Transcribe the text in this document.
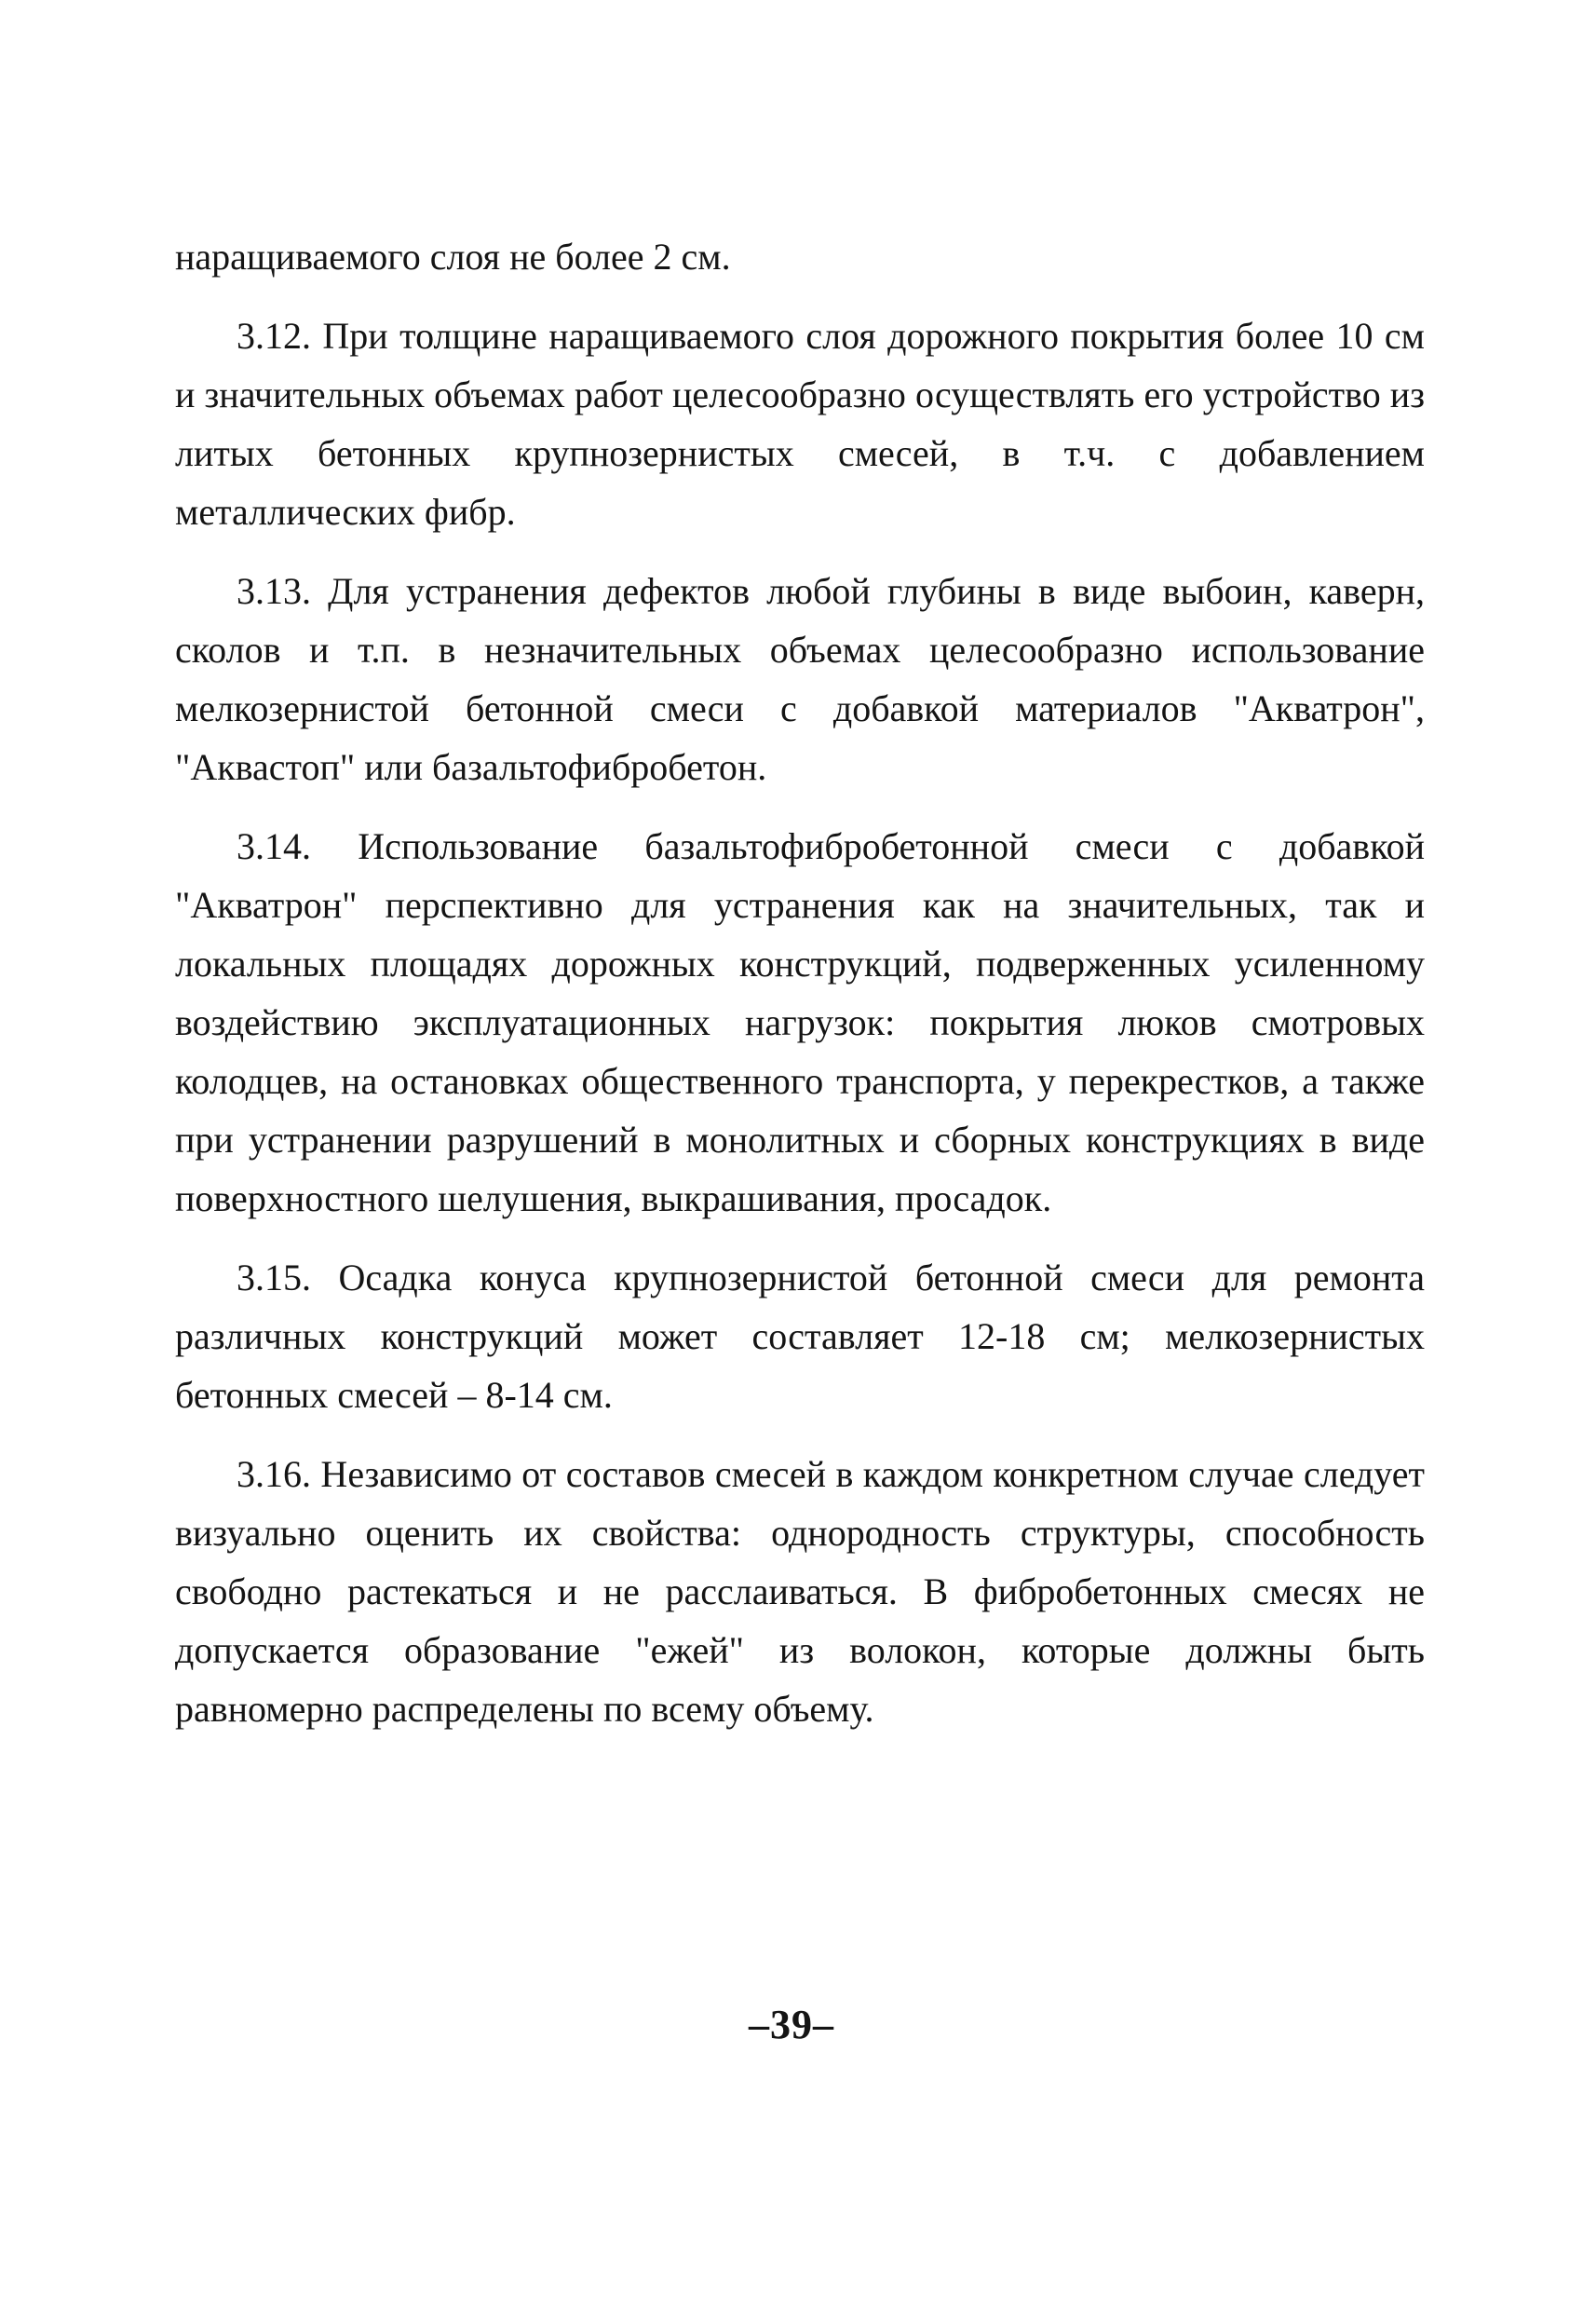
наращиваемого слоя не более 2 см.

3.12. При толщине наращиваемого слоя дорожного покрытия более 10 см и значительных объемах работ целесообразно осуществлять его устройство из литых бетонных крупнозернистых смесей, в т.ч. с добавлением металлических фибр.

3.13. Для устранения дефектов любой глубины в виде выбоин, каверн, сколов и т.п. в незначительных объемах целесообразно использование мелкозернистой бетонной смеси с добавкой материалов "Акватрон", "Аквастоп" или базальтофибробетон.

3.14. Использование базальтофибробетонной смеси с добавкой "Акватрон" перспективно для устранения как на значительных, так и локальных площадях дорожных конструкций, подверженных усиленному воздействию эксплуатационных нагрузок: покрытия люков смотровых колодцев, на остановках общественного транспорта, у перекрестков, а также при устранении разрушений в монолитных и сборных конструкциях в виде поверхностного шелушения, выкрашивания, просадок.

3.15. Осадка конуса крупнозернистой бетонной смеси для ремонта различных конструкций может составляет 12-18 см; мелкозернистых бетонных смесей – 8-14 см.

3.16. Независимо от составов смесей в каждом конкретном случае следует визуально оценить их свойства: однородность структуры, способность свободно растекаться и не расслаиваться. В фибробетонных смесях не допускается образование "ежей" из волокон, которые должны быть равномерно распределены по всему объему.

–39–
